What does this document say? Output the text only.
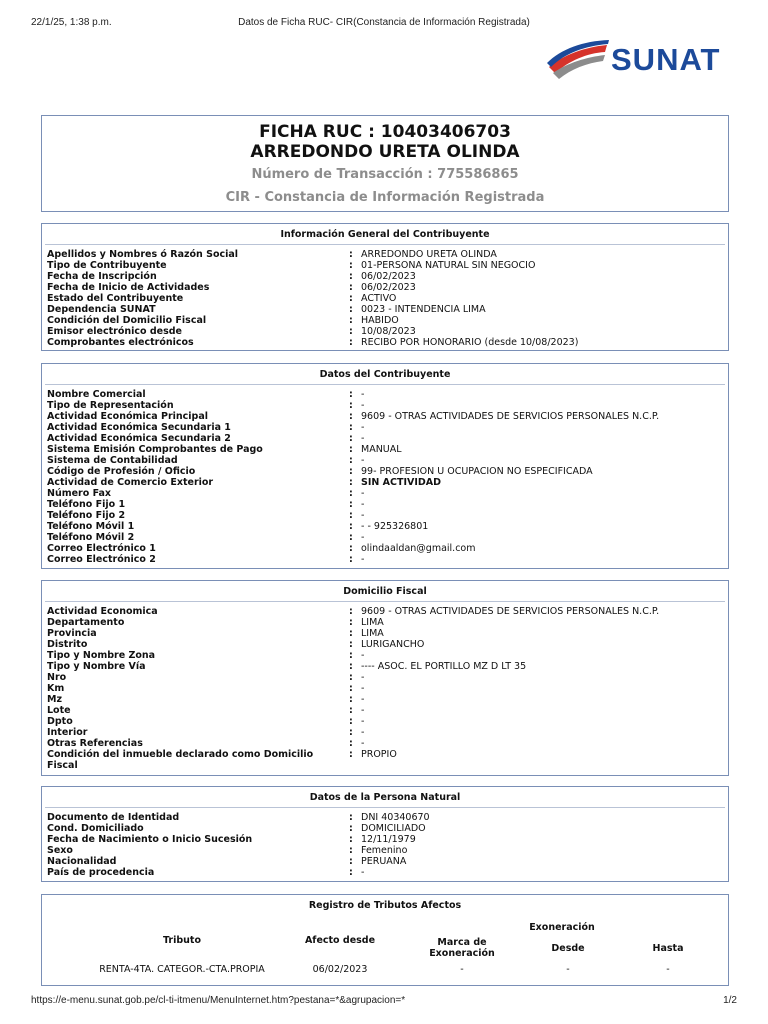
22/1/25, 1:38 p.m.	Datos de Ficha RUC- CIR(Constancia de Información Registrada)
SUNAT
FICHA RUC : 10403406703
ARREDONDO URETA OLINDA
Número de Transacción : 775586865
CIR - Constancia de Información Registrada
Información General del Contribuyente
Apellidos y Nombres ó Razón Social	: ARREDONDO URETA OLINDA
Tipo de Contribuyente	: 01-PERSONA NATURAL SIN NEGOCIO
Fecha de Inscripción	: 06/02/2023
Fecha de Inicio de Actividades	: 06/02/2023
Estado del Contribuyente	: ACTIVO
Dependencia SUNAT	: 0023 - INTENDENCIA LIMA
Condición del Domicilio Fiscal	: HABIDO
Emisor electrónico desde	: 10/08/2023
Comprobantes electrónicos	: RECIBO POR HONORARIO (desde 10/08/2023)
Datos del Contribuyente
Nombre Comercial	: -
Tipo de Representación	: -
Actividad Económica Principal	: 9609 - OTRAS ACTIVIDADES DE SERVICIOS PERSONALES N.C.P.
Actividad Económica Secundaria 1	: -
Actividad Económica Secundaria 2	: -
Sistema Emisión Comprobantes de Pago	: MANUAL
Sistema de Contabilidad	: -
Código de Profesión / Oficio	: 99- PROFESION U OCUPACION NO ESPECIFICADA
Actividad de Comercio Exterior	: SIN ACTIVIDAD
Número Fax	: -
Teléfono Fijo 1	: -
Teléfono Fijo 2	: -
Teléfono Móvil 1	: - - 925326801
Teléfono Móvil 2	: -
Correo Electrónico 1	: olindaaldan@gmail.com
Correo Electrónico 2	: -
Domicilio Fiscal
Actividad Economica	: 9609 - OTRAS ACTIVIDADES DE SERVICIOS PERSONALES N.C.P.
Departamento	: LIMA
Provincia	: LIMA
Distrito	: LURIGANCHO
Tipo y Nombre Zona	: -
Tipo y Nombre Vía	: ---- ASOC. EL PORTILLO MZ D LT 35
Nro	: -
Km	: -
Mz	: -
Lote	: -
Dpto	: -
Interior	: -
Otras Referencias	: -
Condición del inmueble declarado como Domicilio Fiscal
: PROPIO
Datos de la Persona Natural
Documento de Identidad	: DNI 40340670
Cond. Domiciliado	: DOMICILIADO
Fecha de Nacimiento o Inicio Sucesión	: 12/11/1979
Sexo	: Femenino
Nacionalidad	: PERUANA
País de procedencia	: -
Registro de Tributos Afectos
Exoneración
Tributo	Afecto desde	Marca de Exoneración	Desde	Hasta
RENTA-4TA. CATEGOR.-CTA.PROPIA	06/02/2023	-	-	-
https://e-menu.sunat.gob.pe/cl-ti-itmenu/MenuInternet.htm?pestana=*&agrupacion=*	1/2
